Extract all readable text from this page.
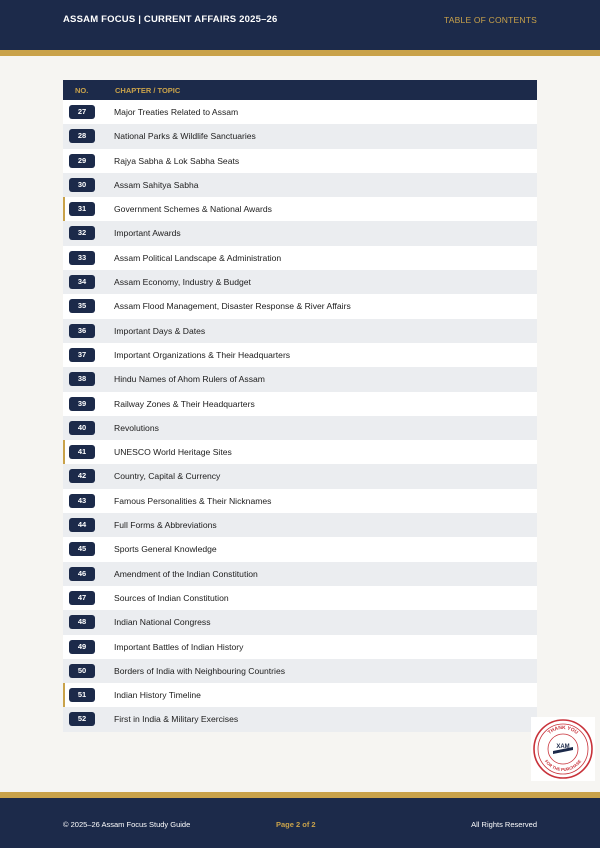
ASSAM FOCUS | CURRENT AFFAIRS 2025–26	TABLE OF CONTENTS
NO.	CHAPTER / TOPIC
27	Major Treaties Related to Assam
28	National Parks & Wildlife Sanctuaries
29	Rajya Sabha & Lok Sabha Seats
30	Assam Sahitya Sabha
31	Government Schemes & National Awards
32	Important Awards
33	Assam Political Landscape & Administration
34	Assam Economy, Industry & Budget
35	Assam Flood Management, Disaster Response & River Affairs
36	Important Days & Dates
37	Important Organizations & Their Headquarters
38	Hindu Names of Ahom Rulers of Assam
39	Railway Zones & Their Headquarters
40	Revolutions
41	UNESCO World Heritage Sites
42	Country, Capital & Currency
43	Famous Personalities & Their Nicknames
44	Full Forms & Abbreviations
45	Sports General Knowledge
46	Amendment of the Indian Constitution
47	Sources of Indian Constitution
48	Indian National Congress
49	Important Battles of Indian History
50	Borders of India with Neighbouring Countries
51	Indian History Timeline
52	First in India & Military Exercises
THANK YOU
FOR THE PURCHASE
XAM
© 2025–26 Assam Focus Study Guide	Page 2 of 2	All Rights Reserved
